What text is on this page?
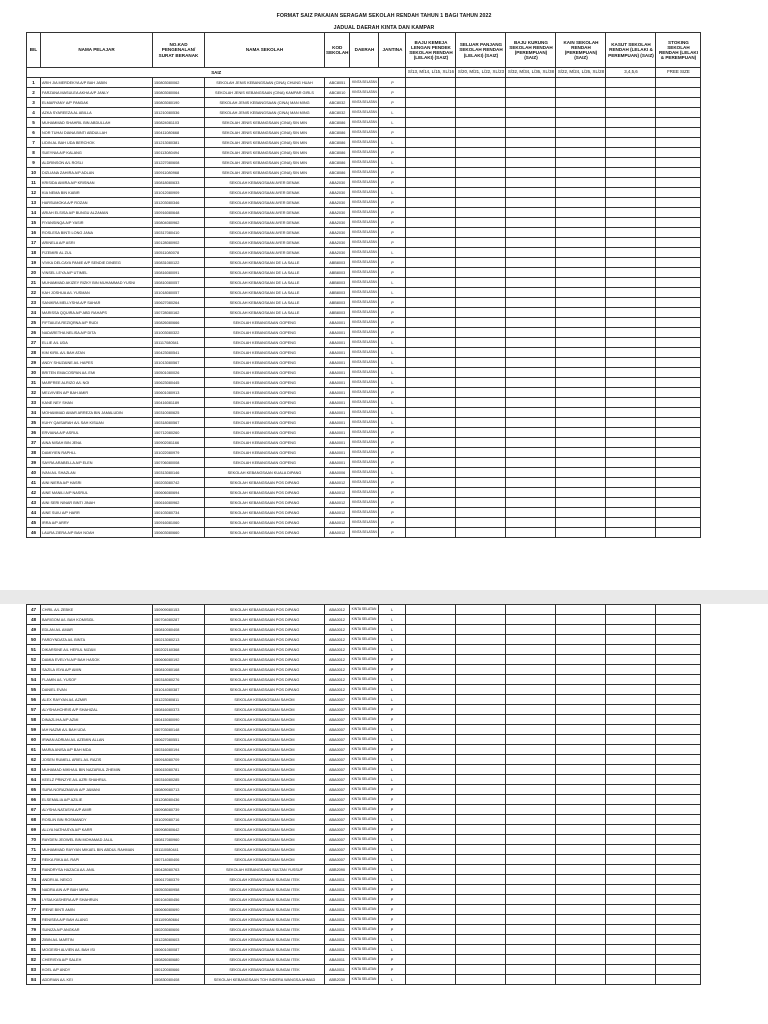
FORMAT SAIZ PAKAIAN SERAGAM SEKOLAH RENDAH TAHUN 1 BAGI TAHUN 2022
JADUAL DAERAH KINTA DAN KAMPAR
BIL	NAMA PELAJAR	NO.KAD PENGENALAN/ SURAT BERANAK	NAMA SEKOLAH	KOD SEKOLAH	DAERAH	JANTINA	BAJU KEMEJA LENGAN PENDEK SEKOLAH RENDAH (LELAKI) (SAIZ)	SELUAR PANJANG SEKOLAH RENDAH (LELAKI) (SAIZ)	BAJU KURUNG SEKOLAH RENDAH (PEREMPUAN) (SAIZ)	KAIN SEKOLAH RENDAH (PEREMPUAN) (SAIZ)	KASUT SEKOLAH RENDAH (LELAKI & PEREMPUAN) (SAIZ)	STOKING SEKOLAH RENDAH (LELAKI & PEREMPUAN)
SAIZ							S/13, M/14, L/15, XL/16	S/20, M/21, L/22, XL/23	S/32, M/34, L/36, XL/38	S/22, M/24, L/26, XL/28	3,4,5,6	FREE SIZE
1	ARIH JIA MERDEKYA A/P BAH JABIN	150803080062	SEKOLAH JENIS KEBANGSAAN (CINA) CHUNG HUAH	ABC8051	KINTA SELATAN	P						
2	FARZANA MASULEA AKHA A/P JANLY	150803080064	SEKOLAH JENIS KEBANGSAAN (CINA) KAMPAR GIRLS	ABC8010	KINTA SELATAN	P						
3	ELMARYANY A/P PANDAK	150803080190	SEKOLAH JENIS KEBANGSAAN (CINA) MAN MING	ABC8032	KINTA SELATAN	P						
4	AZKA SYAREEZA AL ABILLA	151210080536	SEKOLAH JENIS KEBANGSAAN (CINA) MAN MING	ABC8032	KINTA SELATAN	L						
5	MUHAMMAD SHAHRIL BIN ABDULLAH	150824081103	SEKOLAH JENIS KEBANGSAAN (CINA) SIN MIN	ABC8086	KINTA SELATAN	L						
6	NOR TUHAI DIANA BINTI ABDULLAH	150411080668	SEKOLAH JENIS KEBANGSAAN (CINA) SIN MIN	ABC8086	KINTA SELATAN	P						
7	LIDIN AL BAH UDA BERCHOK	151213080381	SEKOLAH JENIS KEBANGSAAN (CINA) SIN MIN	ABC8086	KINTA SELATAN	L						
8	SUEYNIA A/P KALANG	150113080494	SEKOLAH JENIS KEBANGSAAN (CINA) SIN MIN	ABC8086	KINTA SELATAN	P						
9	ALDRINSON A/L ROSLI	151227080608	SEKOLAH JENIS KEBANGSAAN (CINA) SIN MIN	ABC8086	KINTA SELATAN	L						
10	DIZLIANA ZAHIRA A/P ADLAN	150911080968	SEKOLAH JENIS KEBANGSAAN (CINA) SIN MIN	ABC8086	KINTA SELATAN	P						
11	KRISIDA AMIRA A/P KRISNAN	150818080633	SEKOLAH KEBANGSAAN AYER DENAK	ABA2030	KINTA SELATAN	P						
12	KIA NEMA BIN KABIR	151012080909	SEKOLAH KEBANGSAAN AYER DENAK	ABA2030	KINTA SELATAN	L						
13	HARSUMOKA A/P ROZAN	151203080346	SEKOLAH KEBANGSAAN AYER DENAK	ABA2030	KINTA SELATAN	P						
14	ARIAH ELSISA A/P BUNGU ALZAMAN	150916080648	SEKOLAH KEBANGSAAN AYER DENAK	ABA2030	KINTA SELATAN	P						
15	FIYANSINQA A/P YASIR	150804080962	SEKOLAH KEBANGSAAN AYER DENAK	ABA2030	KINTA SELATAN	P						
16	ROSLESA BINTI LONG JANA	150317080410	SEKOLAH KEBANGSAAN AYER DENAK	ABA2030	KINTA SELATAN	P						
17	ARINELA A/P ASRI	150128080902	SEKOLAH KEBANGSAAN AYER DENAK	ABA2030	KINTA SELATAN	P						
18	FIZEMIRI AL ZUL	150511080078	SEKOLAH KEBANGSAAN AYER DENAK	ABA2030	KINTA SELATAN	L						
19	VIVKA DELCAYA PANIE A/P SENDIE DINEEG	150831080122	SEKOLAH KEBANGSAAN DE LA SALLE	ABB8003	KINTA SELATAN	P						
20	VINSEL LEYA A/P UTIMEL	150816080091	SEKOLAH KEBANGSAAN DE LA SALLE	ABB8003	KINTA SELATAN	P						
21	MUHAMMAD AKIZEY RIZKY BIN MUHAMMAD YUSNI	150810080057	SEKOLAH KEBANGSAAN DE LA SALLE	ABB8003	KINTA SELATAN	L						
22	KAH JOSHUA A/L YUSMAN	151018080057	SEKOLAH KEBANGSAAN DE LA SALLE	ABB8003	KINTA SELATAN	L						
23	SANIKRA MELLYSHA A/P SAHAR	150627080264	SEKOLAH KEBANGSAAN DE LA SALLE	ABB8003	KINTA SELATAN	P						
24	MARISSA QQUIRA A/P ABD RAHAPS	150728080162	SEKOLAH KEBANGSAAN DE LA SALLE	ABB8003	KINTA SELATAN	P						
25	FIFTAILEA REZIQRNA A/P RUDI	150826080666	SEKOLAH KEBANGSAAN GOPENG	ABA0001	KINTA SELATAN	P						
26	NADARETHA NELISA A/P DITA	151003080322	SEKOLAH KEBANGSAAN GOPENG	ABA0001	KINTA SELATAN	P						
27	ELLIE A/L UDA	151117080541	SEKOLAH KEBANGSAAN GOPENG	ABA0001	KINTA SELATAN	L						
28	KIM KIRIL A/L BAH ATAN	150423080541	SEKOLAH KEBANGSAAN GOPENG	ABA0001	KINTA SELATAN	L						
29	ANDY SHUZAINE A/L HAPES	151013080567	SEKOLAH KEBANGSAAN GOPENG	ABA0001	KINTA SELATAN	L						
30	BRITEN EMACOSPAN A/L EMI	150501080026	SEKOLAH KEBANGSAAN GOPENG	ABA0001	KINTA SELATAN	L						
31	MARFREE ALRIZO A/L NOI	150623080445	SEKOLAH KEBANGSAAN GOPENG	ABA0001	KINTA SELATAN	L						
32	MELVIVIEN A/P BAH AMIR	150601080913	SEKOLAH KEBANGSAAN GOPENG	ABA0001	KINTA SELATAN	P						
33	KANE NEY SHAN	150416081189	SEKOLAH KEBANGSAAN GOPENG	ABA0001	KINTA SELATAN	L						
34	MOHAMMAD AMAR ARREZA BIN JAMALUDIN	150310080625	SEKOLAH KEBANGSAAN GOPENG	ABA0001	KINTA SELATAN	L						
35	KUHY QAISARAH A/L SAH KISUAN	150318080567	SEKOLAH KEBANGSAAN GOPENG	ABA0001	KINTA SELATAN	L						
36	ERVIANA A/P ASRUL	150712080260	SEKOLAH KEBANGSAAN GOPENG	ABA0001	KINTA SELATAN	P						
37	AINA NISAH BIN JENA	150902081166	SEKOLAH KEBANGSAAN GOPENG	ABA0001	KINTA SELATAN	P						
38	DAMIYIEN RAPHLL	151022080979	SEKOLAH KEBANGSAAN GOPENG	ABA0001	KINTA SELATAN	P						
39	SAYRA ARABELLA A/P ELEN	150706080008	SEKOLAH KEBANGSAAN GOPENG	ABA0001	KINTA SELATAN	P						
40	IVAN A/L SHAZLAN	150313080146	SEKOLAH KEBANGSAAN KUALA DIPANG	ABA0006	KINTA SELATAN	L						
41	AINI NIERA A/P HASRI	150203080742	SEKOLAH KEBANGSAAN POS DIPANG	ABA0012	KINTA SELATAN	P						
42	AINE MANILI A/P NASRUL	150606080694	SEKOLAH KEBANGSAAN POS DIPANG	ABA0012	KINTA SELATAN	P						
43	AINI SERI NINAR BINTI JINAH	150616080962	SEKOLAH KEBANGSAAN POS DIPANG	ABA0012	KINTA SELATAN	P						
44	AINE SUIU A/P HARR	150103080734	SEKOLAH KEBANGSAAN POS DIPANG	ABA0012	KINTA SELATAN	P						
45	IRRA A/P ARRY	150916081060	SEKOLAH KEBANGSAAN POS DIPANG	ABA0012	KINTA SELATAN	P						
46	LAURA ZIERA A/P BAH NOAH	150603080660	SEKOLAH KEBANGSAAN POS DIPANG	ABA0012	KINTA SELATAN	P						
47	CHRIL A/L ZEBKE	150909080153	SEKOLAH KEBANGSAAN POS DIPANG	ABA0012	KINTA SELATAN	L						
48	BARIGOM A/L BAH KOMISIDL	150704080287	SEKOLAH KEBANGSAAN POS DIPANG	ABA0012	KINTA SELATAN	L						
49	EDLAN A/L AMAR	150810080408	SEKOLAH KEBANGSAAN POS DIPANG	ABA0012	KINTA SELATAN	L						
50	FARDYNDATA A/L BINTA	150213080213	SEKOLAH KEBANGSAAN POS DIPANG	ABA0012	KINTA SELATAN	L						
51	DIKARSINE A/L HERUL NIZAM	150202160368	SEKOLAH KEBANGSAAN POS DIPANG	ABA0012	KINTA SELATAN	L						
52	DAMIA EVELYN A/P BAH HASOK	150606080192	SEKOLAH KEBANGSAAN POS DIPANG	ABA0012	KINTA SELATAN	P						
53	SAZILA ISYA A/P AMIN	150810080168	SEKOLAH KEBANGSAAN POS DIPANG	ABA0012	KINTA SELATAN	P						
54	FLAMIN A/L YUSOF	150318080276	SEKOLAH KEBANGSAAN POS DIPANG	ABA0012	KINTA SELATAN	L						
55	DANIEL EVAN	151014080387	SEKOLAH KEBANGSAAN POS DIPANG	ABA0012	KINTA SELATAN	L						
56	ALEX RAYYAN A/L AZMIR	151223080811	SEKOLAH KEBANGSAAN SAHOM	ABA0007	KINTA SELATAN	L						
57	ALYSHAHCHRIS A/P SHAHIZAL	150816080373	SEKOLAH KEBANGSAAN SAHOM	ABA0007	KINTA SELATAN	P						
58	DINAZLIHA A/P AZMI	150415080090	SEKOLAH KEBANGSAAN SAHOM	ABA0007	KINTA SELATAN	P						
59	IAH NAZMI A/L BAH UDA	150703080148	SEKOLAH KEBANGSAAN SAHOM	ABA0007	KINTA SELATAN	L						
60	IRWAN ADRIAN A/L AZEMIN ALLAN	150627080551	SEKOLAH KEBANGSAAN SAHOM	ABA0007	KINTA SELATAN	L						
61	MARIA ANISA A/P BAH MDA	150316080194	SEKOLAH KEBANGSAAN SAHOM	ABA0007	KINTA SELATAN	P						
62	JOSEN RUMELL ARIEL A/L RAZIS	150918080709	SEKOLAH KEBANGSAAN SAHOM	ABA0007	KINTA SELATAN	L						
63	MUHAMAD MIKHAIL BIN NAZARIUL ZHEMIN	150615080781	SEKOLAH KEBANGSAAN SAHOM	ABA0007	KINTA SELATAN	L						
64	KEELZ PRINZYE A/L AZRI SHAHRUL	150316080285	SEKOLAH KEBANGSAAN SAHOM	ABA0007	KINTA SELATAN	L						
65	SURA NORAZMAIVA A/P JAMANI	150809080713	SEKOLAH KEBANGSAAN SAHOM	ABA0007	KINTA SELATAN	P						
66	ELSEMALIA A/P AZILIE	151208080436	SEKOLAH KEBANGSAAN SAHOM	ABA0007	KINTA SELATAN	P						
67	ALYSHA NATASYA A/P AMIR	150908080739	SEKOLAH KEBANGSAAN SAHOM	ABA0007	KINTA SELATAN	P						
68	ROSLIN BIN ROSMANDY	151029080716	SEKOLAH KEBANGSAAN SAHOM	ABA0007	KINTA SELATAN	L						
69	ALLYA NATHASYA A/P KARR	150908080642	SEKOLAH KEBANGSAAN SAHOM	ABA0007	KINTA SELATAN	P						
70	RAYDEN JEOWEL BIN MOHAMAD JALIL	150817080960	SEKOLAH KEBANGSAAN SAHOM	ABA0007	KINTA SELATAN	L						
71	MUHAMMAD RAYYAN MIKAEL BIN ABDUL RAHMAN	151110080441	SEKOLAH KEBANGSAAN SAHOM	ABA0007	KINTA SELATAN	L						
72	REIKA RIKA A/L RAPI	150714080406	SEKOLAH KEBANGSAAN SAHOM	ABA0007	KINTA SELATAN	L						
73	RANDRYSA HAZACA A/L ANIL	150428080763	SEKOLAH KEBANGSAAN SULTAN YUSSUF	ABB2090	KINTA SELATAN	L						
74	ANDRI AL NEICO	150617080379	SEKOLAH KEBANGSAAN SUNGAI ITEK	ABA0011	KINTA SELATAN	L						
75	NADRA AIN A/P BAH MIRA	150503080958	SEKOLAH KEBANGSAAN SUNGAI ITEK	ABA0011	KINTA SELATAN	P						
76	LYSIA KASHERA A/P SHAHRUN	150104080456	SEKOLAH KEBANGSAAN SUNGAI ITEK	ABA0011	KINTA SELATAN	P						
77	IRENE BINTI AMIN	150606080690	SEKOLAH KEBANGSAAN SUNGAI ITEK	ABA0011	KINTA SELATAN	P						
78	RENISEA A/P BAH ALANG	151109080664	SEKOLAH KEBANGSAAN SUNGAI ITEK	ABA0011	KINTA SELATAN	P						
79	SUNIZA A/P ANGKAR	150203080606	SEKOLAH KEBANGSAAN SUNGAI ITEK	ABA0011	KINTA SELATAN	P						
80	ZIBIN A/L MARTIN	151228080603	SEKOLAH KEBANGSAAN SUNGAI ITEK	ABA0011	KINTA SELATAN	L						
81	MOGEISH ALVIEN A/L BAH ISI	150601080087	SEKOLAH KEBANGSAAN SUNGAI ITEK	ABA0011	KINTA SELATAN	L						
82	CHERISYA A/P SALEH	150826080680	SEKOLAH KEBANGSAAN SUNGAI ITEK	ABA0011	KINTA SELATAN	P						
83	KOEL A/P ANDY	150120080666	SEKOLAH KEBANGSAAN SUNGAI ITEK	ABA0011	KINTA SELATAN	P						
84	ADDRIAN A/L KEI	150830080408	SEKOLAH KEBANGSAAN TOH INDERA WANGSA AHMAD	ABB2030	KINTA SELATAN	L						
